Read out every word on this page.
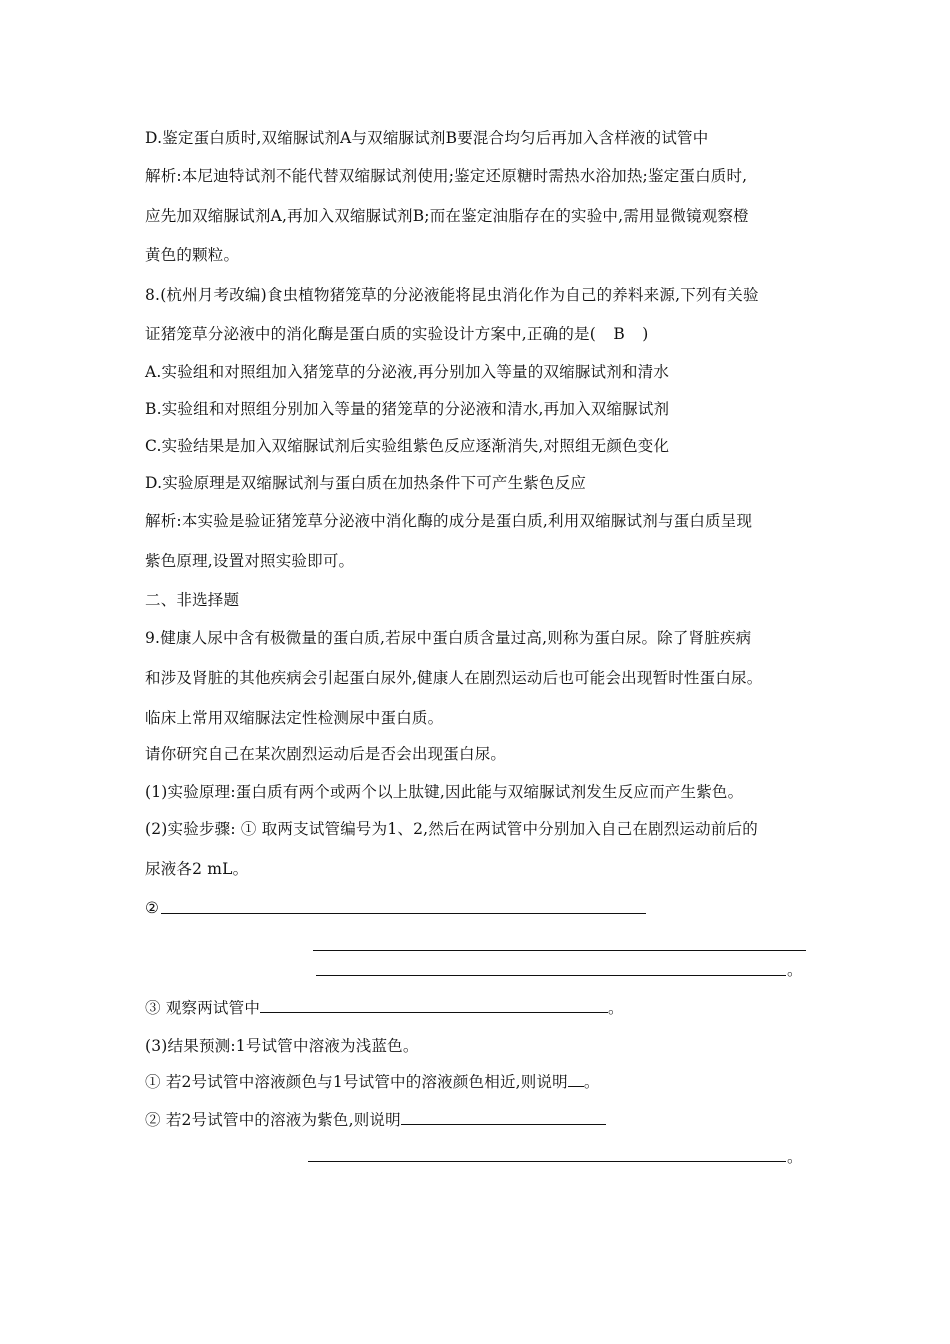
D.鉴定蛋白质时,双缩脲试剂A与双缩脲试剂B要混合均匀后再加入含样液的试管中
解析:本尼迪特试剂不能代替双缩脲试剂使用;鉴定还原糖时需热水浴加热;鉴定蛋白质时,
应先加双缩脲试剂A,再加入双缩脲试剂B;而在鉴定油脂存在的实验中,需用显微镜观察橙
黄色的颗粒。
8.(杭州月考改编)食虫植物猪笼草的分泌液能将昆虫消化作为自己的养料来源,下列有关验
证猪笼草分泌液中的消化酶是蛋白质的实验设计方案中,正确的是( B )
A.实验组和对照组加入猪笼草的分泌液,再分别加入等量的双缩脲试剂和清水
B.实验组和对照组分别加入等量的猪笼草的分泌液和清水,再加入双缩脲试剂
C.实验结果是加入双缩脲试剂后实验组紫色反应逐渐消失,对照组无颜色变化
D.实验原理是双缩脲试剂与蛋白质在加热条件下可产生紫色反应
解析:本实验是验证猪笼草分泌液中消化酶的成分是蛋白质,利用双缩脲试剂与蛋白质呈现
紫色原理,设置对照实验即可。
二、非选择题
9.健康人尿中含有极微量的蛋白质,若尿中蛋白质含量过高,则称为蛋白尿。除了肾脏疾病
和涉及肾脏的其他疾病会引起蛋白尿外,健康人在剧烈运动后也可能会出现暂时性蛋白尿。
临床上常用双缩脲法定性检测尿中蛋白质。
请你研究自己在某次剧烈运动后是否会出现蛋白尿。
(1)实验原理:蛋白质有两个或两个以上肽键,因此能与双缩脲试剂发生反应而产生紫色。
(2)实验步骤: ① 取两支试管编号为1、2,然后在两试管中分别加入自己在剧烈运动前后的
尿液各2 mL。
②
。
③ 观察两试管中	。
(3)结果预测:1号试管中溶液为浅蓝色。
① 若2号试管中溶液颜色与1号试管中的溶液颜色相近,则说明 。
② 若2号试管中的溶液为紫色,则说明
。
